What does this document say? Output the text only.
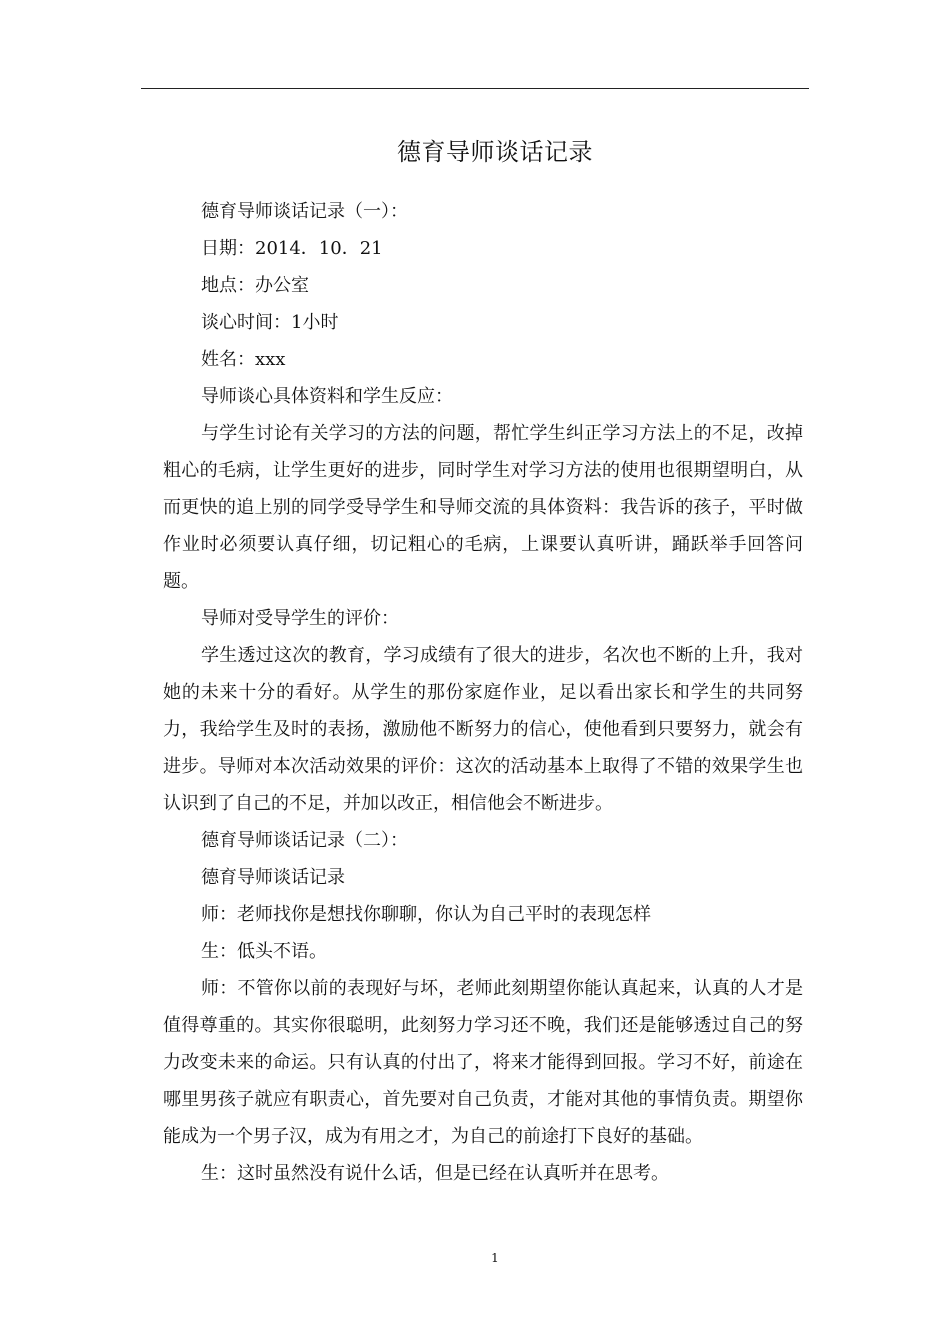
德育导师谈话记录

德育导师谈话记录（一）：

日期：2014．10．21

地点：办公室

谈心时间：1小时

姓名：xxx

导师谈心具体资料和学生反应：

与学生讨论有关学习的方法的问题，帮忙学生纠正学习方法上的不足，改掉粗心的毛病，让学生更好的进步，同时学生对学习方法的使用也很期望明白，从而更快的追上别的同学受导学生和导师交流的具体资料：我告诉的孩子，平时做作业时必须要认真仔细，切记粗心的毛病，上课要认真听讲，踊跃举手回答问题。

导师对受导学生的评价：

学生透过这次的教育，学习成绩有了很大的进步，名次也不断的上升，我对她的未来十分的看好。从学生的那份家庭作业，足以看出家长和学生的共同努力，我给学生及时的表扬，激励他不断努力的信心，使他看到只要努力，就会有进步。导师对本次活动效果的评价：这次的活动基本上取得了不错的效果学生也认识到了自己的不足，并加以改正，相信他会不断进步。

德育导师谈话记录（二）：

德育导师谈话记录

师：老师找你是想找你聊聊，你认为自己平时的表现怎样

生：低头不语。

师：不管你以前的表现好与坏，老师此刻期望你能认真起来，认真的人才是值得尊重的。其实你很聪明，此刻努力学习还不晚，我们还是能够透过自己的努力改变未来的命运。只有认真的付出了，将来才能得到回报。学习不好，前途在哪里男孩子就应有职责心，首先要对自己负责，才能对其他的事情负责。期望你能成为一个男子汉，成为有用之才，为自己的前途打下良好的基础。

生：这时虽然没有说什么话，但是已经在认真听并在思考。

1
